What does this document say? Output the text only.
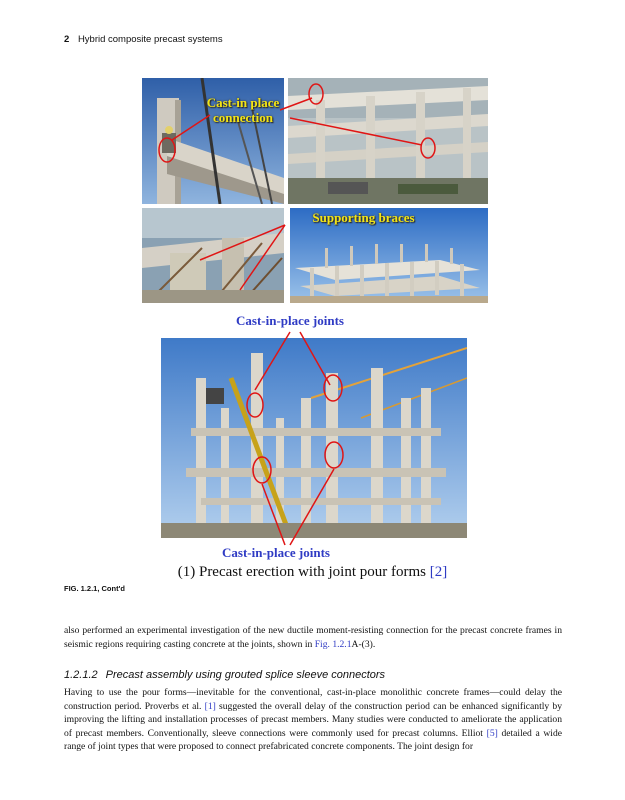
2 Hybrid composite precast systems
Cast-in place connection
Supporting braces
Cast-in-place joints
Cast-in-place joints
(1) Precast erection with joint pour forms [2]
FIG. 1.2.1, Cont'd
also performed an experimental investigation of the new ductile moment-resisting connection for the precast concrete frames in seismic regions requiring casting concrete at the joints, shown in Fig. 1.2.1A-(3).
1.2.1.2 Precast assembly using grouted splice sleeve connectors
Having to use the pour forms—inevitable for the conventional, cast-in-place monolithic concrete frames—could delay the construction period. Proverbs et al. [1] suggested the overall delay of the construction period can be enhanced significantly by improving the lifting and installation processes of precast members. Many studies were conducted to ameliorate the application of precast members. Conventionally, sleeve connections were commonly used for precast columns. Elliot [5] detailed a wide range of joint types that were proposed to connect prefabricated concrete components. The joint design for
